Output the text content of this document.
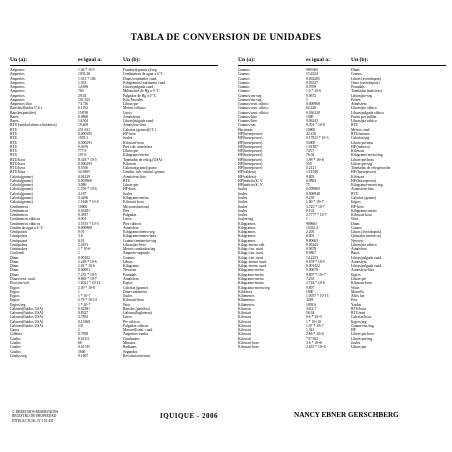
TABLA DE CONVERSION DE UNIDADES
Un (a):	es igual a:	Un (b):
Amperios	1.04 * 10-5	Faradays(química)/seg
Amperios	1033.26	Centímetros de agua a 4 °C
Amperios	1.013 * 106	Dinas/centímetro cuad.
Amperios	1.033	Kilogramos/centímetro cuad.
Amperios	14.696	Libras/pulgada cuad.
Amperios	760	Milímetros de Hg a 0 °C
Amperios	29.92	Pulgadas de Hg a 0 °C
Amperios	101.325	Kilo Pascales
Amperios-litro	74.736	Libras-pie
Barriles(fluidos U.S.)	0.1192	Metros cúbicos
Barriles(petróleo)	158.98	Litros
Bares	0.9869	Atmósferas
Bares	14.504	Libras/pulgada cuad.
BTU (unidad térmica británica)	10,409	Atmósfera-litro
BTU	251.631	Calorías (gramo)(I.T.)
BTU	0.000393	HP-hora
BTU	1055.1	Joules
BTU	0.000293	Kilowatt-hora
BTU	0.3676	Pies cub.-atmósfera
BTU	777.9	Libras-pie
BTU	107.6	Kilogramo-metro
BTU/hora	8.328 * 10-5	Toneladas de refrig.(USA)
BTU/hora	0.000293	Kilowatt
BTU/hora	0.5556	Calorías(gramo)/grano
BTU/libra	22.9405	Centím. cub.-atmósf./gramo
Caloría(gramo)	0.04129	Atmósfera-litro
Caloría(gramo)	0.003968	BTU
Caloría(gramo)	3.086	Libras-pie
Caloría(gramo)	1.559 * 10-6	HP-hora
Caloría(gramo)	4.187	Joules
Caloría(gramo)	0.4266	Kilogramo-metro
Caloría(gramo)	1.1626 * 10-6	Kilowatt-hora
Centímetros	10000	Micrones(micras)
Centímetros	0.03281	Pies
Centímetros	0.3937	Pulgadas
Centímetros cúbicos	0.001	Litros
Centímetros cúbicos	3.5315 * 10-5	Pies cúbicos
Centím.de agua a 4 °C	0.000968	Atmósfera
Centipoises	0.01	Kilogramo/metro-seg
Centipoises	3.6	Kilogramo/metro-hora
Centipoises	0.01	Gramo/centímetro-seg
Centipoises	2.4191	Libras/pie-hora
Centistokes	1 * 10-6	Metros cuadrados/seg
Coulomb	1	Amperio-segundo
Dinas	0.00102	Gramos
Dinas	2.248 * 10-6	Libras
Dinas	1.02 * 10-6	Kilogramo
Dinas	0.00001	Newtons
Dinas	7.233 * 10-5	Poundals
Dinas/cent. cuad.	9.869 * 10-7	Atmósfera
Electrón volt	1.6021 * 10-12	Ergios
Ergios	2.39 * 10-8	Calorías (gramo)
Ergios	1	Dina-centímetro
Ergios	1 * 10-7	Joules
Ergios	2.78 * 10-14	Kilowatt-hora
Ergios/seg	1 * 10-7	Watt
Galones(fluidos USA)	0.02381	Barriles (petróleo)
Galones(fluidos USA)	0.8327	Galones(Inglaterra)
Galones(fluidos USA)	3.7853	Litros
Galones(fluidos USA)	0.13368	Pie cúbicos
Galones(fluidos USA)	231	Pulgadas cúbicas
Gauss	1	Maxwell/cent. cuad.
Gilberts	0.7958	Amperios-vuelta
Grados	0.01111	Cuadrantes
Grados	60	Minutos
Grados	0.01745	Radianes
Grados	3600	Segundos
Grados/seg	0.1667	Revoluciones/min
Un (a):	es igual a:	Un (b):
Gramos	980.665	Dinas
Gramos	15.4324	Granos
Gramos	0.002205	Libras (avoirdupois)
Gramos	0.03527	Onza (avoirdupois)
Gramos	0.0709	Poundals
Gramos	1.0 * 10-6	Toneladas (métricas)
Gramos/cm-seg	0.0672	Libras/pie-seg
Gramos/cm-seg	1	Poises
Gramos/cent. cúbico	0.000968	Atmósfera
Gramos/cent. cúbico	62.428	Libras/pie cúbico
Gramos/cent. cúbico	0.036128	Libras/pulgada cúbica
Gramos/litro	1000	Partes por millón
Gramos/litro	0.06243	Libras/pie cúbico
Gramos-cm.	9.301 * 10-8	BTU
Hectáreas	10000	Metros cuad.
HP(horsepower)	42.416	BTU/minuto
HP(horsepower)	0.17812 * 10-3	Calorías/seg
HP(horsepower)	33000	Libras-pie/min
HP(horsepower)	1.01387	HP (métrico)
HP(horsepower)	745.7	Kilowatt
HP(horsepower)	76.04	Kilogramo-metro/seg
HP(horsepower)	1.98 * 10+6	Libras-pie/hora
HP(horsepower)	550	Libras-pie/seg
HP(horsepower)	0.2121	Toneladas de refrigeración
HP(caldera)	13.1548	HP (horsepower)
HP(caldera)	9.803	Kilowatt
HP(métrico)C.V.	0.9863	HP (horsepower)
HP(métrico)C.V.	75	Kilogramo-metro/seg
Joules	0.009869	Atmósfera-litro
Joules	0.000948	BTU
Joules	0.239	Calorías (gramo)
Joules	1.00 * 10+7	Ergios
Joules	3.725 * 10-7	HP-hora
Joules	0.102	Kilogramo-metro
Joules	2.7777 * 10-7	Kilowatt-hora
Joules/seg	1	Watt
Kilogramos	980665	Dinas
Kilogramos	15432.4	Granos
Kilogramos	2.205	Libras (avoirdupois)
Kilogramos	0.001	Quintales (métricos)
Kilogramos	9.80665	Newton
Kilogr./metro cúb.	0.06243	Libras/pie cúbico
Kilogr./cm. cuad.	0.9678	Atmósfera
Kilogr./cm. cuad.	0.9807	Bares
Kilogr./cm. cuad.	14.2233	Libras/pulgada cuad.
Kilogr./metro cuad.	9.678 * 10-5	Atmósfera
Kilogr./metro cuad.	0.001422	Libras/pulgada cuad.
Kilogramo-metro	0.09678	Atmósfera-litro
Kilogramo-metro	9.807 * 10+7	Ergios
Kilogramo-metro	7.233	Libras-pie
Kilogramo-metro	2.724 * 10-6	Kilowatt-hora
Kilogramo-metro/seg	9.807	Watts
Kilolitros	1000	Mesorlls
Kilómetros	1.0057 * 10-13	Años luz
Kilómetros	3281	Pies
Kilómetros	1093.6	Yardas
Kilowatt	3412.7	BTU/hora
Kilowatt	56.92	BTU/min
Kilowatt	8.6 * 10+5	Calorías/hora
Kilowatt	1 * 10+10	Ergios/seg
Kilowatt	1.07 * 10+7	Gramo-cm./seg
Kilowatt	1.341	HP
Kilowatt	2.66 * 10+6	Libras-pie/hora
Kilowatt	737.562	Libras-pie/seg
Kilowatt-hora	3.6 * 10+6	Joules
Kilowatt-hora	2.655 * 10+6	Libras-pie
© DERECHOS RESERVADOS
REGISTRO DE PROPIEDAD
INTELECTUAL Nº 153.431
IQUIQUE - 2006	NANCY EBNER GERSCHBERG
